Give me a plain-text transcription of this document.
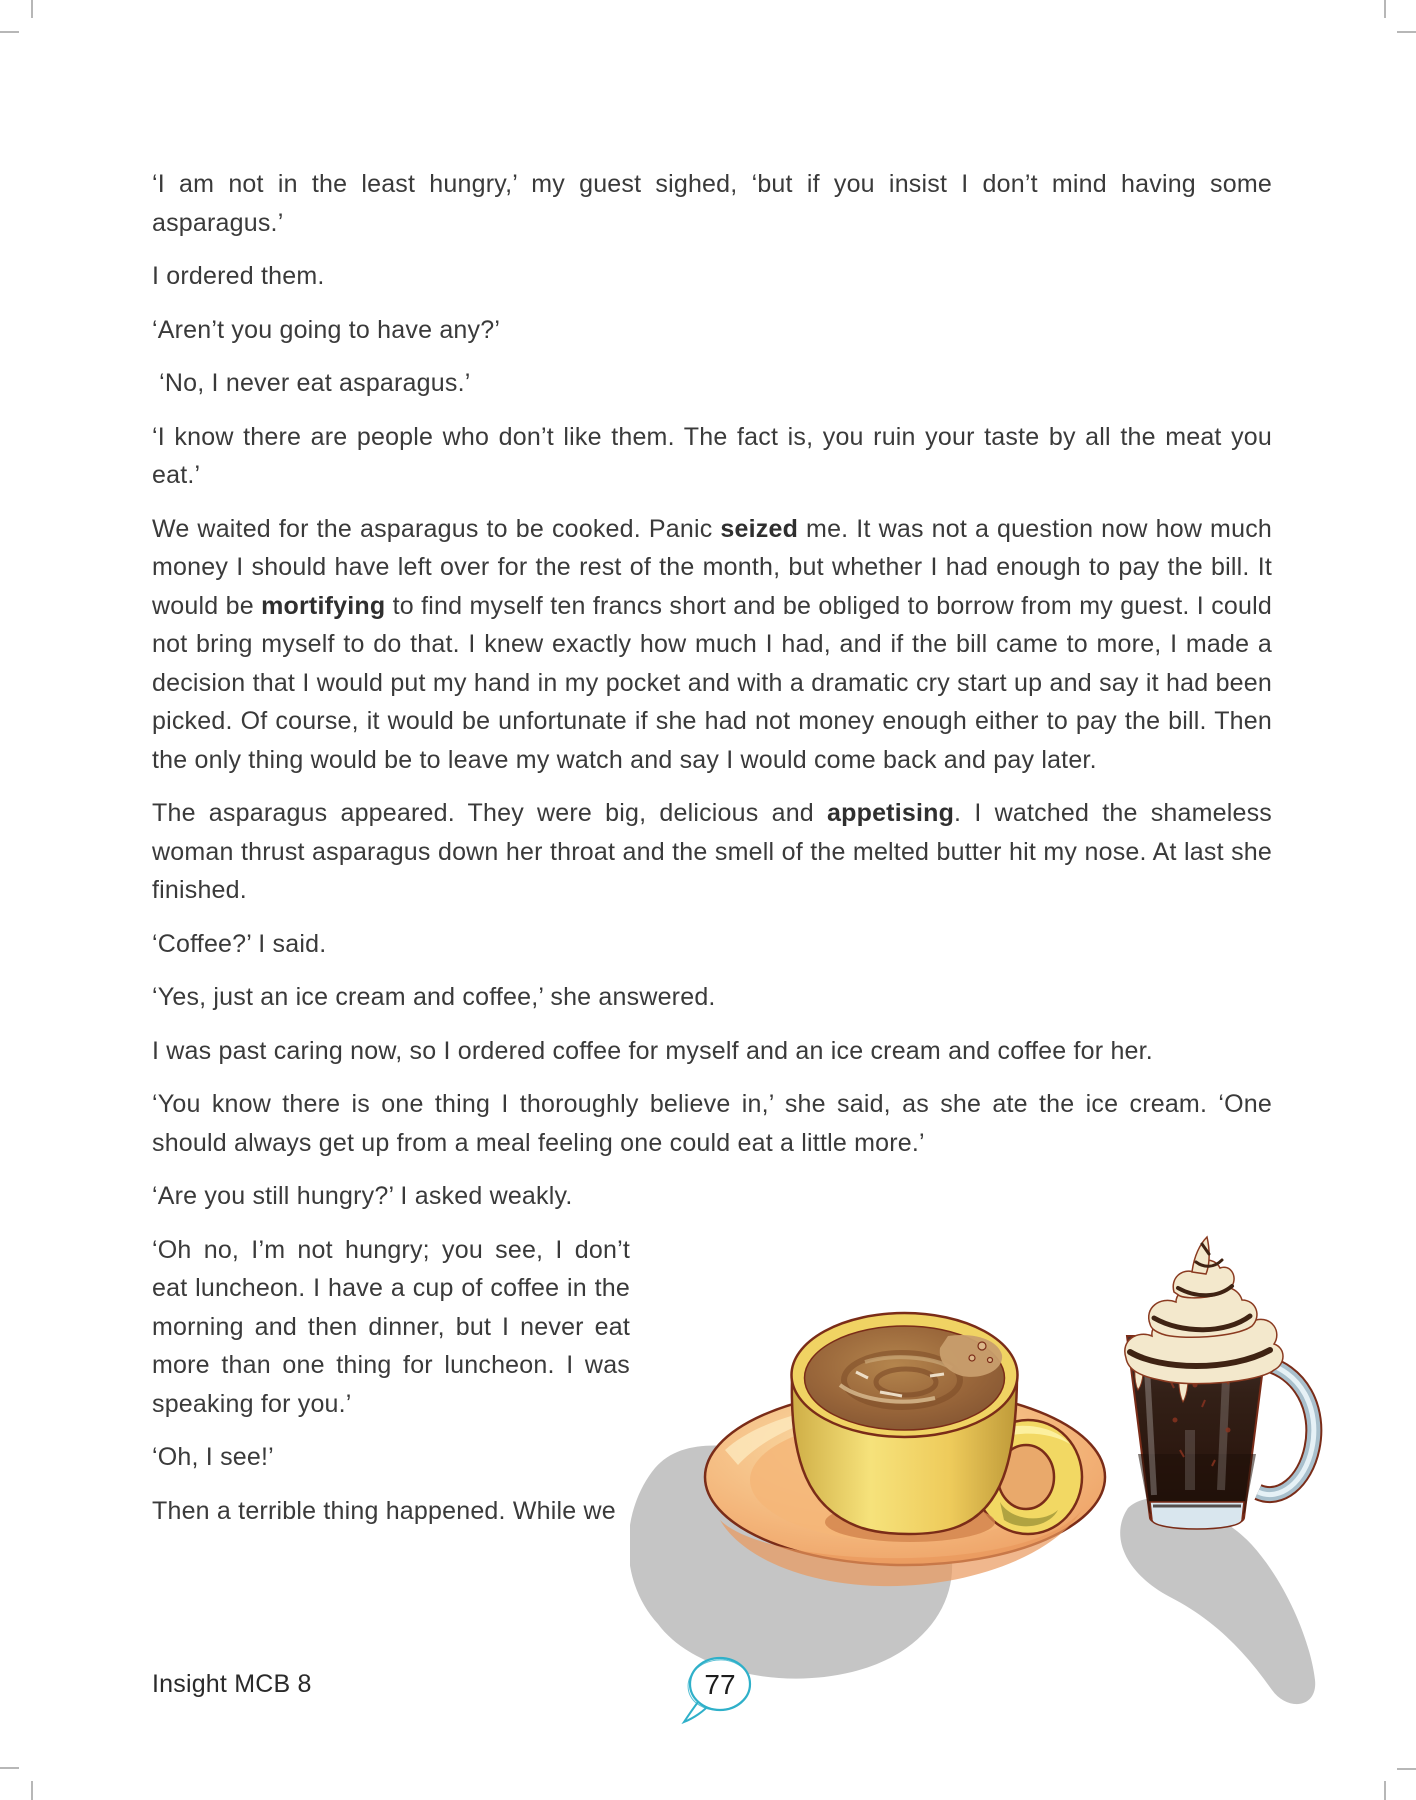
‘I am not in the least hungry,’ my guest sighed, ‘but if you insist I don’t mind having some asparagus.’

I ordered them.

‘Aren’t you going to have any?’

‘No, I never eat asparagus.’

‘I know there are people who don’t like them. The fact is, you ruin your taste by all the meat you eat.’

We waited for the asparagus to be cooked. Panic seized me. It was not a question now how much money I should have left over for the rest of the month, but whether I had enough to pay the bill. It would be mortifying to find myself ten francs short and be obliged to borrow from my guest. I could not bring myself to do that. I knew exactly how much I had, and if the bill came to more, I made a decision that I would put my hand in my pocket and with a dramatic cry start up and say it had been picked. Of course, it would be unfortunate if she had not money enough either to pay the bill. Then the only thing would be to leave my watch and say I would come back and pay later.

The asparagus appeared. They were big, delicious and appetising. I watched the shameless woman thrust asparagus down her throat and the smell of the melted butter hit my nose. At last she finished.

‘Coffee?’ I said.

‘Yes, just an ice cream and coffee,’ she answered.

I was past caring now, so I ordered coffee for myself and an ice cream and coffee for her.

‘You know there is one thing I thoroughly believe in,’ she said, as she ate the ice cream. ‘One should always get up from a meal feeling one could eat a little more.’

‘Are you still hungry?’ I asked weakly.

‘Oh no, I’m not hungry; you see, I don’t eat luncheon. I have a cup of coffee in the morning and then dinner, but I never eat more than one thing for luncheon. I was speaking for you.’

‘Oh, I see!’

Then a terrible thing happened. While we

77
Insight MCB 8
